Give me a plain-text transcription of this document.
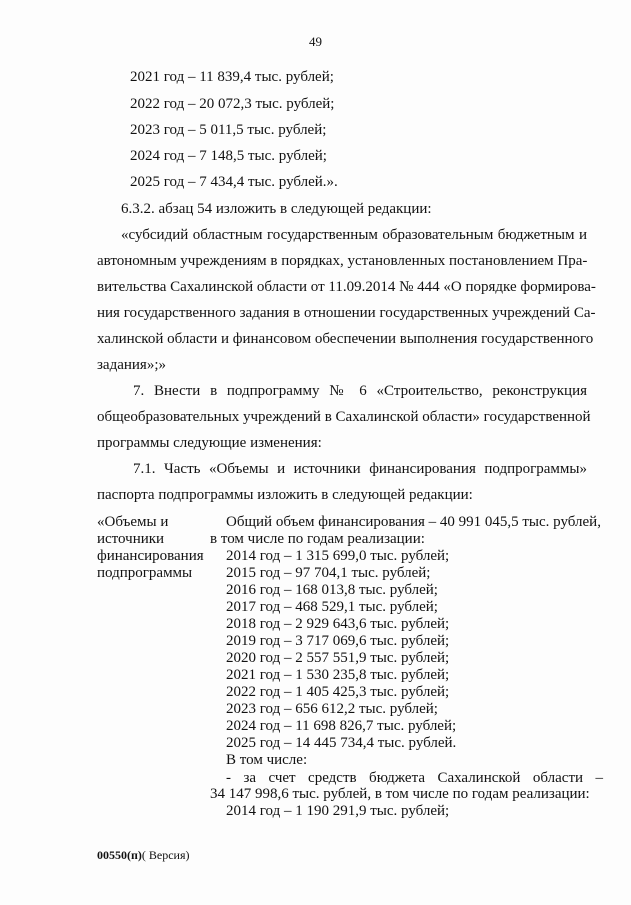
49
2021 год – 11 839,4 тыс. рублей;
2022 год – 20 072,3 тыс. рублей;
2023 год – 5 011,5 тыс. рублей;
2024 год – 7 148,5 тыс. рублей;
2025 год – 7 434,4 тыс. рублей.».
6.3.2. абзац 54 изложить в следующей редакции:
«субсидий областным государственным образовательным бюджетным и
автономным учреждениям в порядках, установленных постановлением Пра-
вительства Сахалинской области от 11.09.2014 № 444 «О порядке формирова-
ния государственного задания в отношении государственных учреждений Са-
халинской области и финансовом обеспечении выполнения государственного
задания»;»
7. Внести в подпрограмму № 6 «Строительство, реконструкция
общеобразовательных учреждений в Сахалинской области» государственной
программы следующие изменения:
7.1. Часть «Объемы и источники финансирования подпрограммы»
паспорта подпрограммы изложить в следующей редакции:
«Объемы и
источники
финансирования
подпрограммы
Общий объем финансирования – 40 991 045,5 тыс. рублей,
в том числе по годам реализации:
2014 год – 1 315 699,0 тыс. рублей;
2015 год – 97 704,1 тыс. рублей;
2016 год – 168 013,8 тыс. рублей;
2017 год – 468 529,1 тыс. рублей;
2018 год – 2 929 643,6 тыс. рублей;
2019 год – 3 717 069,6 тыс. рублей;
2020 год – 2 557 551,9 тыс. рублей;
2021 год – 1 530 235,8 тыс. рублей;
2022 год – 1 405 425,3 тыс. рублей;
2023 год – 656 612,2 тыс. рублей;
2024 год – 11 698 826,7 тыс. рублей;
2025 год – 14 445 734,4 тыс. рублей.
В том числе:
- за счет средств бюджета Сахалинской области –
34 147 998,6 тыс. рублей, в том числе по годам реализации:
2014 год – 1 190 291,9 тыс. рублей;
00550(п)( Версия)
